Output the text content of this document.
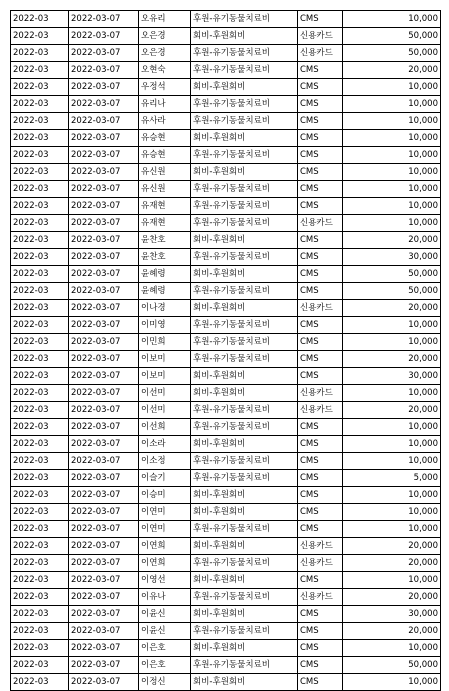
2022-03	2022-03-07	오유리	후원-유기동물치료비	CMS	10,000
2022-03	2022-03-07	오은경	회비-후원회비	신용카드	50,000
2022-03	2022-03-07	오은경	후원-유기동물치료비	신용카드	50,000
2022-03	2022-03-07	오현숙	후원-유기동물치료비	CMS	20,000
2022-03	2022-03-07	우정석	회비-후원회비	CMS	10,000
2022-03	2022-03-07	유리나	후원-유기동물치료비	CMS	10,000
2022-03	2022-03-07	유사라	후원-유기동물치료비	CMS	10,000
2022-03	2022-03-07	유승현	회비-후원회비	CMS	10,000
2022-03	2022-03-07	유승현	후원-유기동물치료비	CMS	10,000
2022-03	2022-03-07	유신원	회비-후원회비	CMS	10,000
2022-03	2022-03-07	유신원	후원-유기동물치료비	CMS	10,000
2022-03	2022-03-07	유재현	후원-유기동물치료비	CMS	10,000
2022-03	2022-03-07	유재현	후원-유기동물치료비	신용카드	10,000
2022-03	2022-03-07	윤찬호	회비-후원회비	CMS	20,000
2022-03	2022-03-07	윤찬호	후원-유기동물치료비	CMS	30,000
2022-03	2022-03-07	윤혜령	회비-후원회비	CMS	50,000
2022-03	2022-03-07	윤혜령	후원-유기동물치료비	CMS	50,000
2022-03	2022-03-07	이나경	회비-후원회비	신용카드	20,000
2022-03	2022-03-07	이미영	후원-유기동물치료비	CMS	10,000
2022-03	2022-03-07	이민희	후원-유기동물치료비	CMS	10,000
2022-03	2022-03-07	이보미	후원-유기동물치료비	CMS	20,000
2022-03	2022-03-07	이보미	회비-후원회비	CMS	30,000
2022-03	2022-03-07	이선미	회비-후원회비	신용카드	10,000
2022-03	2022-03-07	이선미	후원-유기동물치료비	신용카드	20,000
2022-03	2022-03-07	이선희	후원-유기동물치료비	CMS	10,000
2022-03	2022-03-07	이소라	회비-후원회비	CMS	10,000
2022-03	2022-03-07	이소정	후원-유기동물치료비	CMS	10,000
2022-03	2022-03-07	이슬기	후원-유기동물치료비	CMS	5,000
2022-03	2022-03-07	이승미	회비-후원회비	CMS	10,000
2022-03	2022-03-07	이연미	회비-후원회비	CMS	10,000
2022-03	2022-03-07	이연미	후원-유기동물치료비	CMS	10,000
2022-03	2022-03-07	이연희	회비-후원회비	신용카드	20,000
2022-03	2022-03-07	이연희	후원-유기동물치료비	신용카드	20,000
2022-03	2022-03-07	이영선	회비-후원회비	CMS	10,000
2022-03	2022-03-07	이유나	후원-유기동물치료비	신용카드	20,000
2022-03	2022-03-07	이윤신	회비-후원회비	CMS	30,000
2022-03	2022-03-07	이윤신	후원-유기동물치료비	CMS	20,000
2022-03	2022-03-07	이은호	회비-후원회비	CMS	10,000
2022-03	2022-03-07	이은호	후원-유기동물치료비	CMS	50,000
2022-03	2022-03-07	이정신	회비-후원회비	CMS	10,000
